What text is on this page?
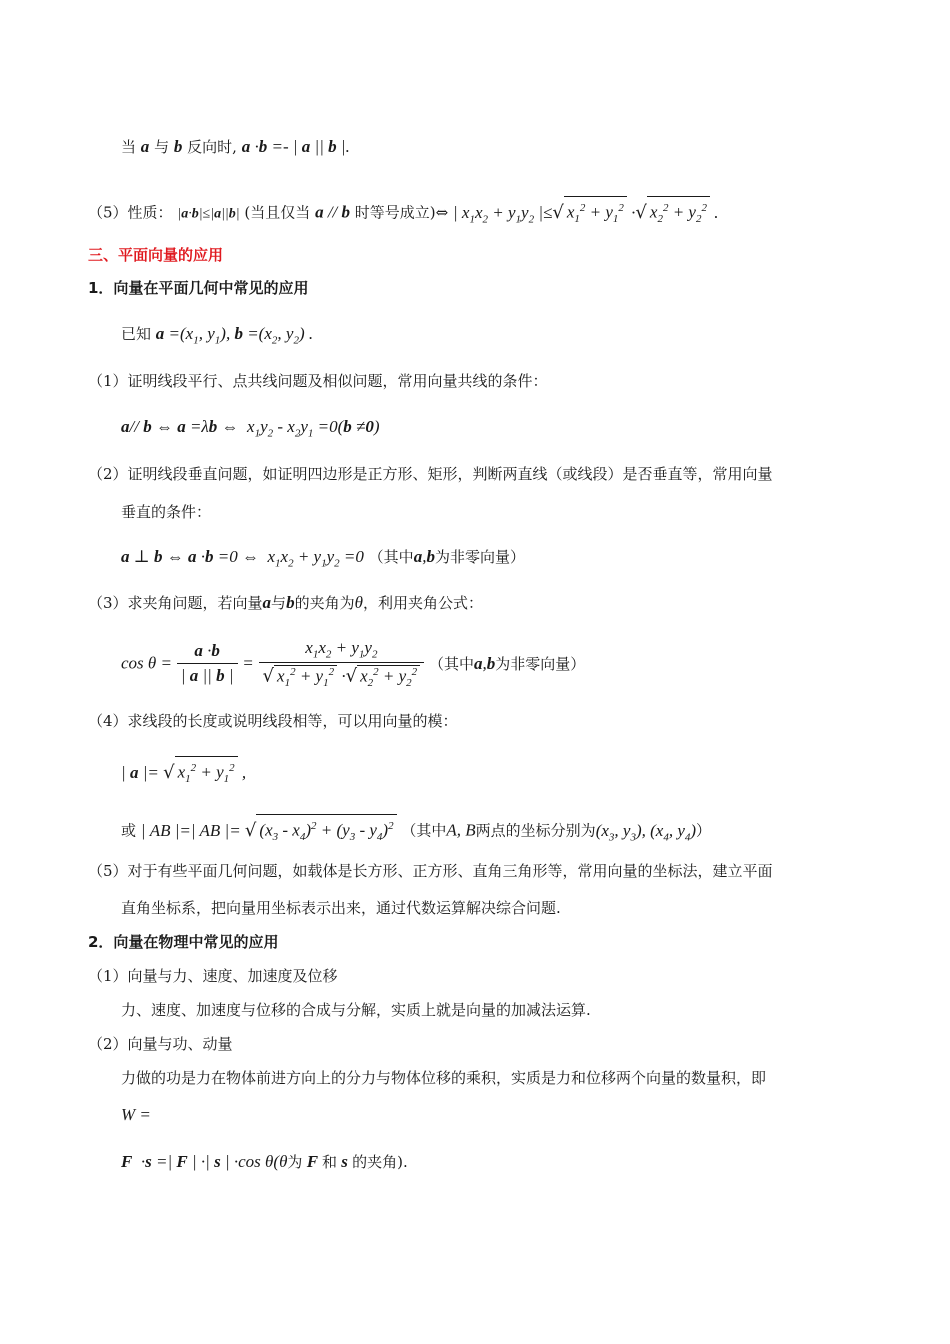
当 a 与 b 反向时, a ·b =- | a || b |.
（5）性质： |a·b|≤|a||b| (当且仅当 a // b 时等号成立)⇔ | $x_1x_2 + y_1y_2$ |≤√ $x_1^2 + y_1^2$ ·√ $x_2^2 + y_2^2$ .
三、平面向量的应用
1．向量在平面几何中常见的应用
已知 $a =(x_1$, $y_1$), $b =(x_2$, $y_2$) .
（1）证明线段平行、点共线问题及相似问题，常用向量共线的条件：
a// b ⇔ a =λb ⇔  $x_1y_2 - x_2y_1 =0(b \ne 0)$
（2）证明线段垂直问题，如证明四边形是正方形、矩形，判断两直线（或线段）是否垂直等，常用向量
垂直的条件：
a ⊥ b ⇔ a ·b =0 ⇔  $x_1x_2 + y_1y_2 =0$ （其中a,b为非零向量）
（3）求夹角问题，若向量a与b的夹角为θ，利用夹角公式：
$\cos \theta = \frac{a \cdot b}{| a || b |} = \frac{x_1x_2 + y_1y_2}{√ x_1^2 + y_1^2 \cdot√ x_2^2 + y_2^2}$ （其中a,b为非零向量）
（4）求线段的长度或说明线段相等，可以用向量的模：
| a |= √ $x_1^2 + y_1^2$ ,
或 | AB |=| AB |= √ $(x_3 - x_4)^2 + (y_3 - y_4)^2$ （其中A, B两点的坐标分别为($x_3$, $y_3$), ($x_4$, $y_4$)）
（5）对于有些平面几何问题，如载体是长方形、正方形、直角三角形等，常用向量的坐标法，建立平面
直角坐标系，把向量用坐标表示出来，通过代数运算解决综合问题.
2．向量在物理中常见的应用
（1）向量与力、速度、加速度及位移
力、速度、加速度与位移的合成与分解，实质上就是向量的加减法运算.
（2）向量与功、动量
力做的功是力在物体前进方向上的分力与物体位移的乘积，实质是力和位移两个向量的数量积，即
W =
F  ·s =| F | ·| s | ·cos θ(θ为 F 和 s 的夹角).
